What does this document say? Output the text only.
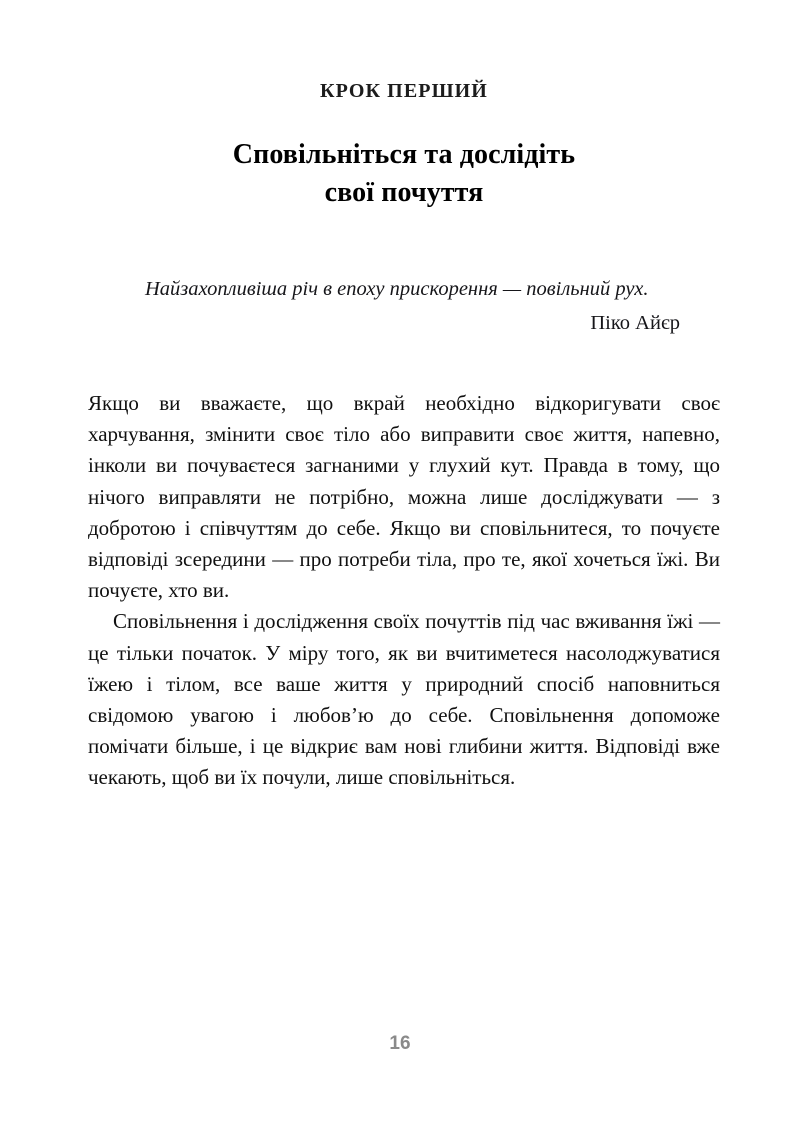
КРОК ПЕРШИЙ
Сповільніться та дослідіть
свої почуття

Найзахопливіша річ в епоху прискорення — повільний рух.

Піко Айєр

Якщо ви вважаєте, що вкрай необхідно відкоригувати своє харчування, змінити своє тіло або виправити своє життя, напевно, інколи ви почуваєтеся загнаними у глухий кут. Правда в тому, що нічого виправляти не потрібно, можна лише досліджувати — з добротою і співчуттям до себе. Якщо ви сповільнитеся, то почуєте відповіді зсередини — про потреби тіла, про те, якої хочеться їжі. Ви почуєте, хто ви.

Сповільнення і дослідження своїх почуттів під час вживання їжі — це тільки початок. У міру того, як ви вчитиметеся насолоджуватися їжею і тілом, все ваше життя у природний спосіб наповниться свідомою увагою і любов’ю до себе. Сповільнення допоможе помічати більше, і це відкриє вам нові глибини життя. Відповіді вже чекають, щоб ви їх почули, лише сповільніться.

16
